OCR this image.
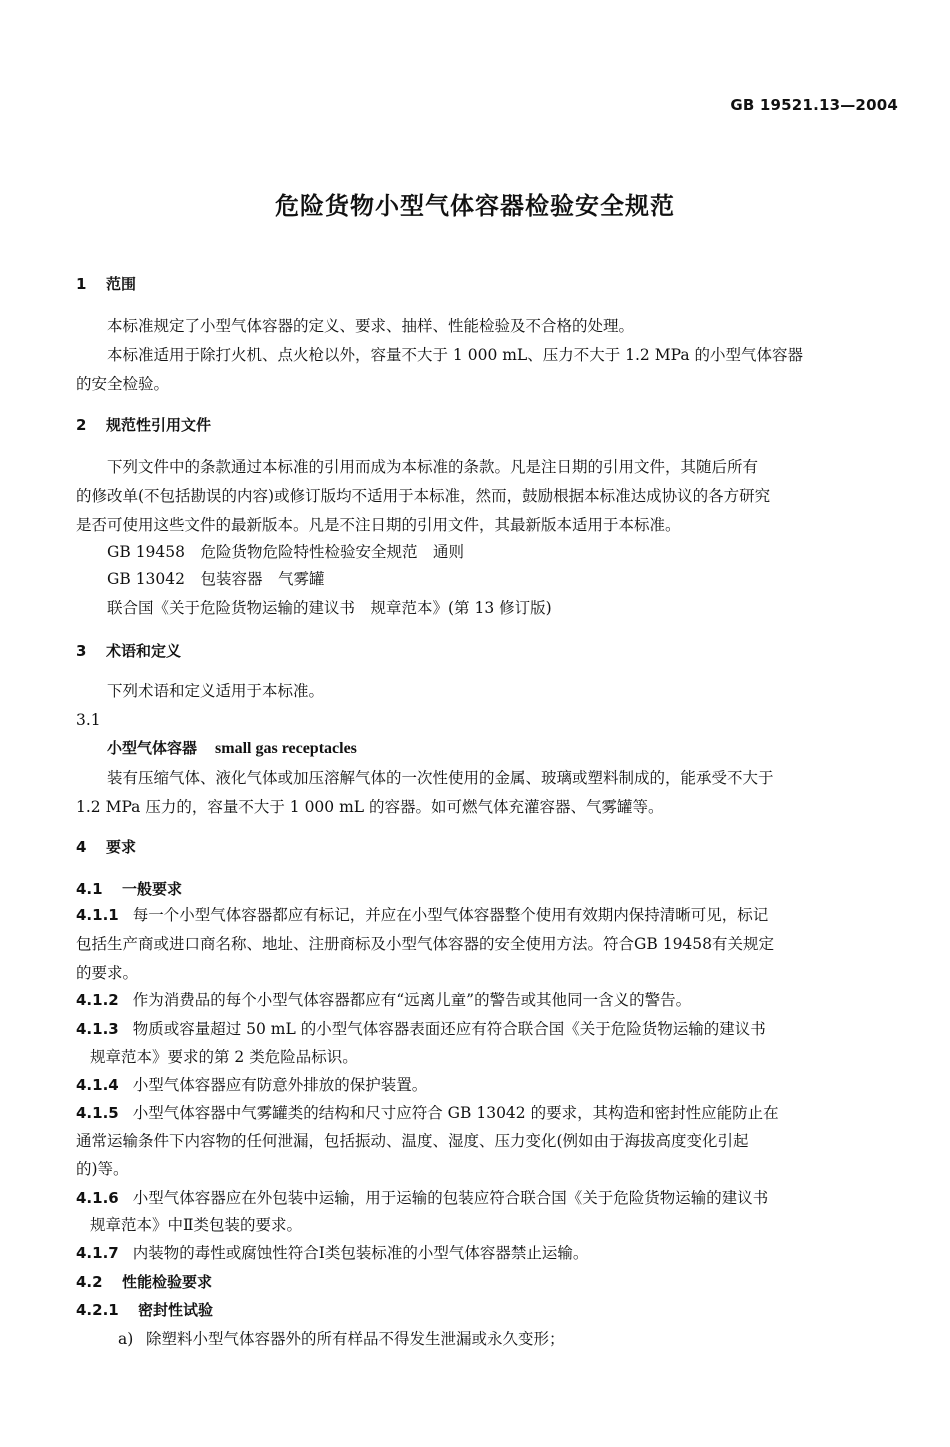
GB 19521.13—2004
危险货物小型气体容器检验安全规范
1 范围
本标准规定了小型气体容器的定义、要求、抽样、性能检验及不合格的处理。
本标准适用于除打火机、点火枪以外，容量不大于 1 000 mL、压力不大于 1.2 MPa 的小型气体容器
的安全检验。
2 规范性引用文件
下列文件中的条款通过本标准的引用而成为本标准的条款。凡是注日期的引用文件，其随后所有
的修改单(不包括勘误的内容)或修订版均不适用于本标准，然而，鼓励根据本标准达成协议的各方研究
是否可使用这些文件的最新版本。凡是不注日期的引用文件，其最新版本适用于本标准。
GB 19458　危险货物危险特性检验安全规范　通则
GB 13042　包装容器　气雾罐
联合国《关于危险货物运输的建议书　规章范本》(第 13 修订版)
3 术语和定义
下列术语和定义适用于本标准。
3.1
小型气体容器 small gas receptacles
装有压缩气体、液化气体或加压溶解气体的一次性使用的金属、玻璃或塑料制成的，能承受不大于
1.2 MPa 压力的，容量不大于 1 000 mL 的容器。如可燃气体充灌容器、气雾罐等。
4 要求
4.1 一般要求
4.1.1 每一个小型气体容器都应有标记，并应在小型气体容器整个使用有效期内保持清晰可见，标记
包括生产商或进口商名称、地址、注册商标及小型气体容器的安全使用方法。符合GB 19458有关规定
的要求。
4.1.2 作为消费品的每个小型气体容器都应有“远离儿童”的警告或其他同一含义的警告。
4.1.3 物质或容量超过 50 mL 的小型气体容器表面还应有符合联合国《关于危险货物运输的建议书
规章范本》要求的第 2 类危险品标识。
4.1.4 小型气体容器应有防意外排放的保护装置。
4.1.5 小型气体容器中气雾罐类的结构和尺寸应符合 GB 13042 的要求，其构造和密封性应能防止在
通常运输条件下内容物的任何泄漏，包括振动、温度、湿度、压力变化(例如由于海拔高度变化引起
的)等。
4.1.6 小型气体容器应在外包装中运输，用于运输的包装应符合联合国《关于危险货物运输的建议书
规章范本》中Ⅱ类包装的要求。
4.1.7 内装物的毒性或腐蚀性符合Ⅰ类包装标准的小型气体容器禁止运输。
4.2 性能检验要求
4.2.1 密封性试验
a) 除塑料小型气体容器外的所有样品不得发生泄漏或永久变形；
